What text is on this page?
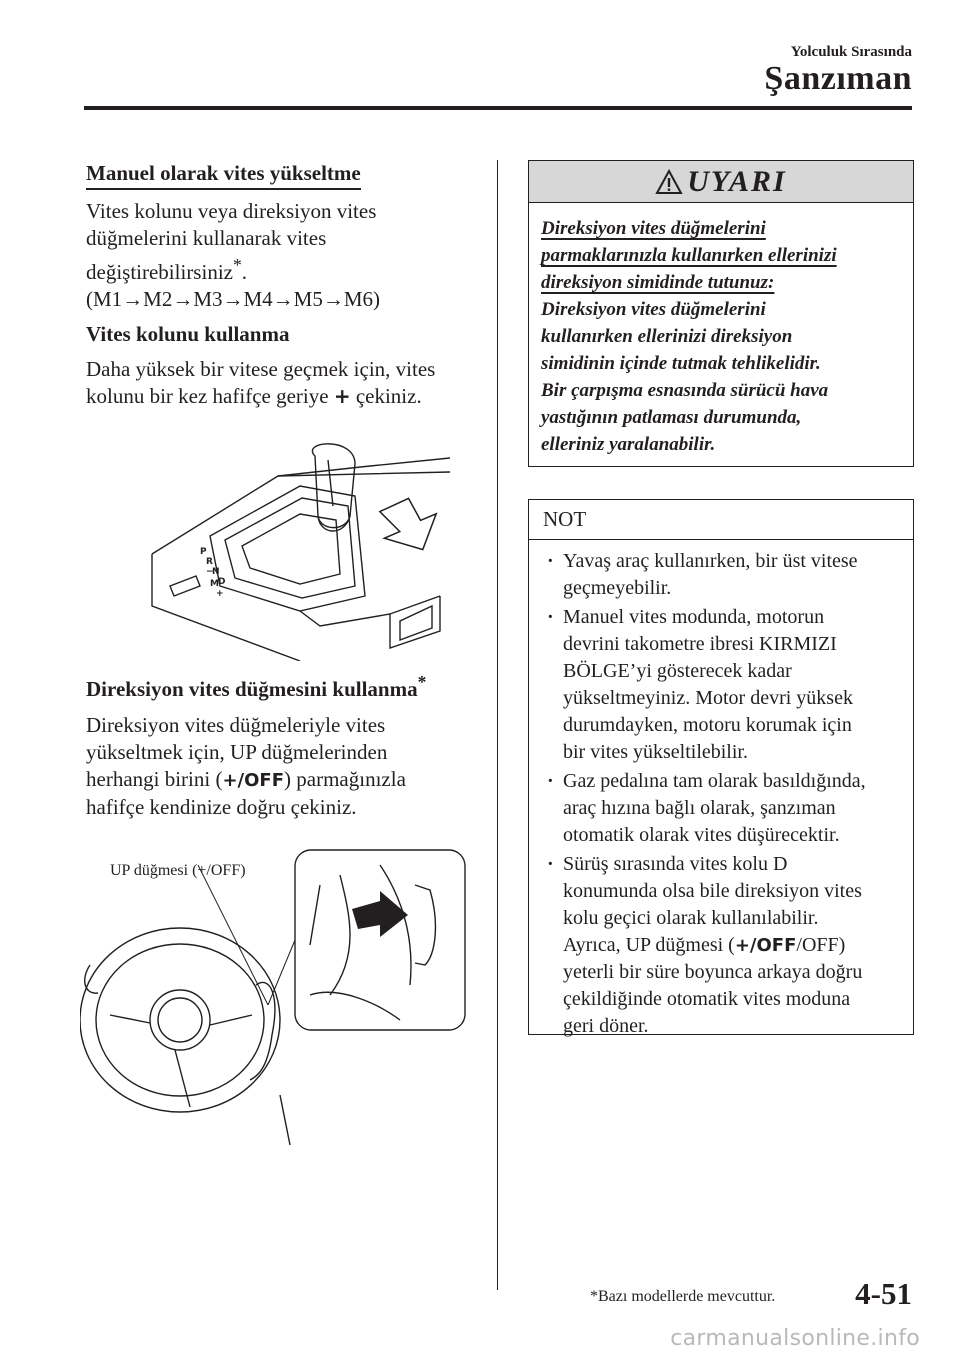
Yolculuk Sırasında
Şanzıman
Manuel olarak vites yükseltme
Vites kolunu veya direksiyon vites
düğmelerini kullanarak vites
değiştirebilirsiniz*.
(M1→M2→M3→M4→M5→M6)
Vites kolunu kullanma
Daha yüksek bir vitese geçmek için, vites
kolunu bir kez hafifçe geriye + çekiniz.
P
R
N
D
M
+
−
Direksiyon vites düğmesini kullanma*
Direksiyon vites düğmeleriyle vites
yükseltmek için, UP düğmelerinden
herhangi birini (+/OFF) parmağınızla
hafifçe kendinize doğru çekiniz.
UP düğmesi (+/OFF)
UYARI
Direksiyon vites düğmelerini
parmaklarınızla kullanırken ellerinizi
direksiyon simidinde tutunuz:
Direksiyon vites düğmelerini
kullanırken ellerinizi direksiyon
simidinin içinde tutmak tehlikelidir.
Bir çarpışma esnasında sürücü hava
yastığının patlaması durumunda,
elleriniz yaralanabilir.
NOT
· Yavaş araç kullanırken, bir üst vitese
geçmeyebilir.
· Manuel vites modunda, motorun
devrini takometre ibresi KIRMIZI
BÖLGE’yi gösterecek kadar
yükseltmeyiniz. Motor devri yüksek
durumdayken, motoru korumak için
bir vites yükseltilebilir.
· Gaz pedalına tam olarak basıldığında,
araç hızına bağlı olarak, şanzıman
otomatik olarak vites düşürecektir.
· Sürüş sırasında vites kolu D
konumunda olsa bile direksiyon vites
kolu geçici olarak kullanılabilir.
Ayrıca, UP düğmesi (+/OFF/OFF)
yeterli bir süre boyunca arkaya doğru
çekildiğinde otomatik vites moduna
geri döner.
*Bazı modellerde mevcuttur.	4-51
carmanualsonline.info
